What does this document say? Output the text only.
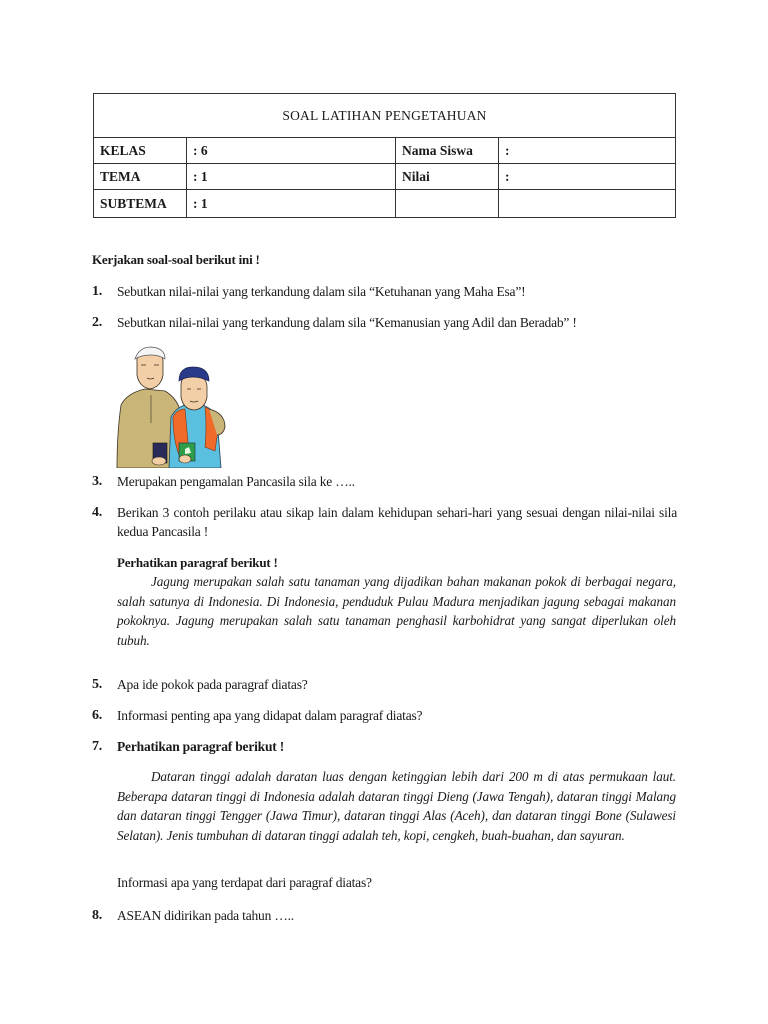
SOAL LATIHAN PENGETAHUAN			
KELAS	: 6	Nama Siswa	:
TEMA	: 1	Nilai	:
SUBTEMA	: 1		
Kerjakan soal-soal berikut ini !
1. Sebutkan nilai-nilai yang terkandung dalam sila “Ketuhanan yang Maha Esa”!
2. Sebutkan nilai-nilai yang terkandung dalam sila “Kemanusian yang Adil dan Beradab” !
3. Merupakan pengamalan Pancasila sila ke …..
4. Berikan 3 contoh perilaku atau sikap lain dalam kehidupan sehari-hari yang sesuai dengan nilai-nilai sila kedua Pancasila !
Perhatikan paragraf berikut !
Jagung merupakan salah satu tanaman yang dijadikan bahan makanan pokok di berbagai negara, salah satunya di Indonesia. Di Indonesia, penduduk Pulau Madura menjadikan jagung sebagai makanan pokoknya. Jagung merupakan salah satu tanaman penghasil karbohidrat yang sangat diperlukan oleh tubuh.
5. Apa ide pokok pada paragraf diatas?
6. Informasi penting apa yang didapat dalam paragraf diatas?
7. Perhatikan paragraf berikut !
Dataran tinggi adalah daratan luas dengan ketinggian lebih dari 200 m di atas permukaan laut. Beberapa dataran tinggi di Indonesia adalah dataran tinggi Dieng (Jawa Tengah), dataran tinggi Malang dan dataran tinggi Tengger (Jawa Timur), dataran tinggi Alas (Aceh), dan dataran tinggi Bone (Sulawesi Selatan). Jenis tumbuhan di dataran tinggi adalah teh, kopi, cengkeh, buah-buahan, dan sayuran.
Informasi apa yang terdapat dari paragraf diatas?
8. ASEAN didirikan pada tahun …..
